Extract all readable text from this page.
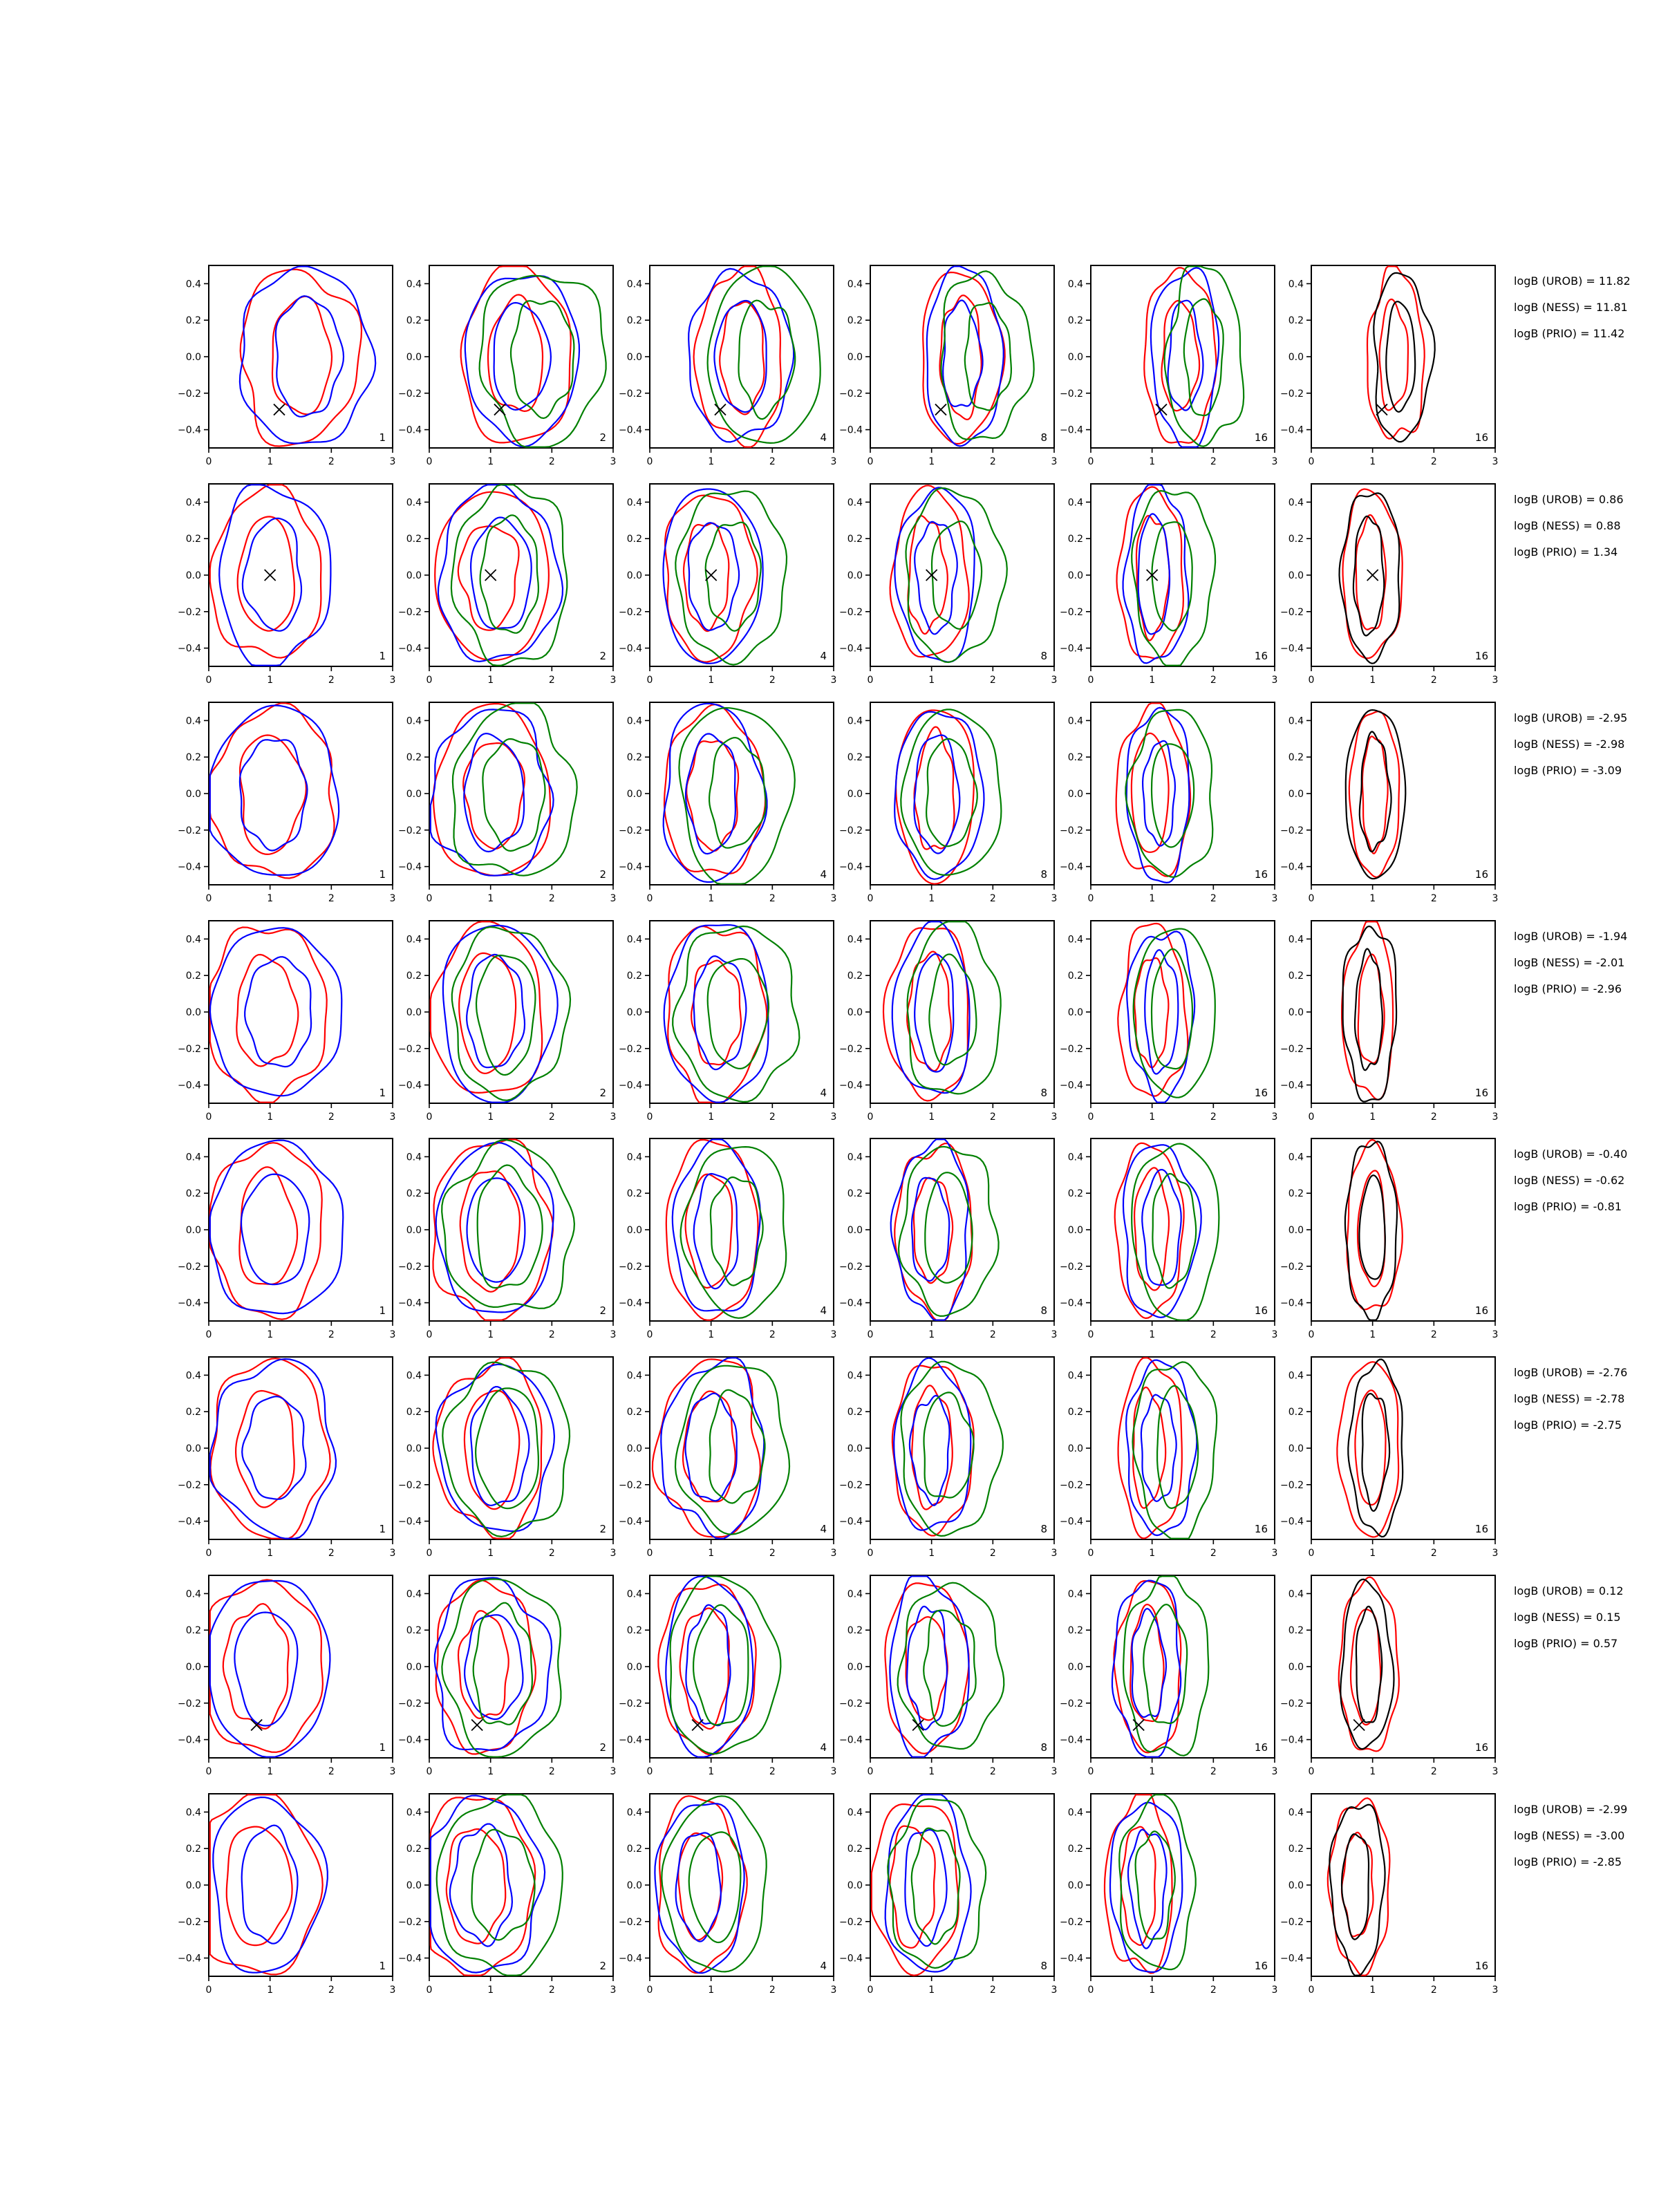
−0.4
−0.2
0.0
0.2
0.4
0	1	2	3
1
−0.4
−0.2
0.0
0.2
0.4
0	1	2	3
2
−0.4
−0.2
0.0
0.2
0.4
0	1	2	3
4
−0.4
−0.2
0.0
0.2
0.4
0	1	2	3
8
−0.4
−0.2
0.0
0.2
0.4
0	1	2	3
16
−0.4
−0.2
0.0
0.2
0.4
0	1	2	3
16
logB (UROB) = 11.82
logB (NESS) = 11.81
logB (PRIO) = 11.42
−0.4
−0.2
0.0
0.2
0.4
0	1	2	3
1
−0.4
−0.2
0.0
0.2
0.4
0	1	2	3
2
−0.4
−0.2
0.0
0.2
0.4
0	1	2	3
4
−0.4
−0.2
0.0
0.2
0.4
0	1	2	3
8
−0.4
−0.2
0.0
0.2
0.4
0	1	2	3
16
−0.4
−0.2
0.0
0.2
0.4
0	1	2	3
16
logB (UROB) = 0.86
logB (NESS) = 0.88
logB (PRIO) = 1.34
−0.4
−0.2
0.0
0.2
0.4
0	1	2	3
1
−0.4
−0.2
0.0
0.2
0.4
0	1	2	3
2
−0.4
−0.2
0.0
0.2
0.4
0	1	2	3
4
−0.4
−0.2
0.0
0.2
0.4
0	1	2	3
8
−0.4
−0.2
0.0
0.2
0.4
0	1	2	3
16
−0.4
−0.2
0.0
0.2
0.4
0	1	2	3
16
logB (UROB) = -2.95
logB (NESS) = -2.98
logB (PRIO) = -3.09
−0.4
−0.2
0.0
0.2
0.4
0	1	2	3
1
−0.4
−0.2
0.0
0.2
0.4
0	1	2	3
2
−0.4
−0.2
0.0
0.2
0.4
0	1	2	3
4
−0.4
−0.2
0.0
0.2
0.4
0	1	2	3
8
−0.4
−0.2
0.0
0.2
0.4
0	1	2	3
16
−0.4
−0.2
0.0
0.2
0.4
0	1	2	3
16
logB (UROB) = -1.94
logB (NESS) = -2.01
logB (PRIO) = -2.96
−0.4
−0.2
0.0
0.2
0.4
0	1	2	3
1
−0.4
−0.2
0.0
0.2
0.4
0	1	2	3
2
−0.4
−0.2
0.0
0.2
0.4
0	1	2	3
4
−0.4
−0.2
0.0
0.2
0.4
0	1	2	3
8
−0.4
−0.2
0.0
0.2
0.4
0	1	2	3
16
−0.4
−0.2
0.0
0.2
0.4
0	1	2	3
16
logB (UROB) = -0.40
logB (NESS) = -0.62
logB (PRIO) = -0.81
−0.4
−0.2
0.0
0.2
0.4
0	1	2	3
1
−0.4
−0.2
0.0
0.2
0.4
0	1	2	3
2
−0.4
−0.2
0.0
0.2
0.4
0	1	2	3
4
−0.4
−0.2
0.0
0.2
0.4
0	1	2	3
8
−0.4
−0.2
0.0
0.2
0.4
0	1	2	3
16
−0.4
−0.2
0.0
0.2
0.4
0	1	2	3
16
logB (UROB) = -2.76
logB (NESS) = -2.78
logB (PRIO) = -2.75
−0.4
−0.2
0.0
0.2
0.4
0	1	2	3
1
−0.4
−0.2
0.0
0.2
0.4
0	1	2	3
2
−0.4
−0.2
0.0
0.2
0.4
0	1	2	3
4
−0.4
−0.2
0.0
0.2
0.4
0	1	2	3
8
−0.4
−0.2
0.0
0.2
0.4
0	1	2	3
16
−0.4
−0.2
0.0
0.2
0.4
0	1	2	3
16
logB (UROB) = 0.12
logB (NESS) = 0.15
logB (PRIO) = 0.57
−0.4
−0.2
0.0
0.2
0.4
0	1	2	3
1
−0.4
−0.2
0.0
0.2
0.4
0	1	2	3
2
−0.4
−0.2
0.0
0.2
0.4
0	1	2	3
4
−0.4
−0.2
0.0
0.2
0.4
0	1	2	3
8
−0.4
−0.2
0.0
0.2
0.4
0	1	2	3
16
−0.4
−0.2
0.0
0.2
0.4
0	1	2	3
16
logB (UROB) = -2.99
logB (NESS) = -3.00
logB (PRIO) = -2.85
